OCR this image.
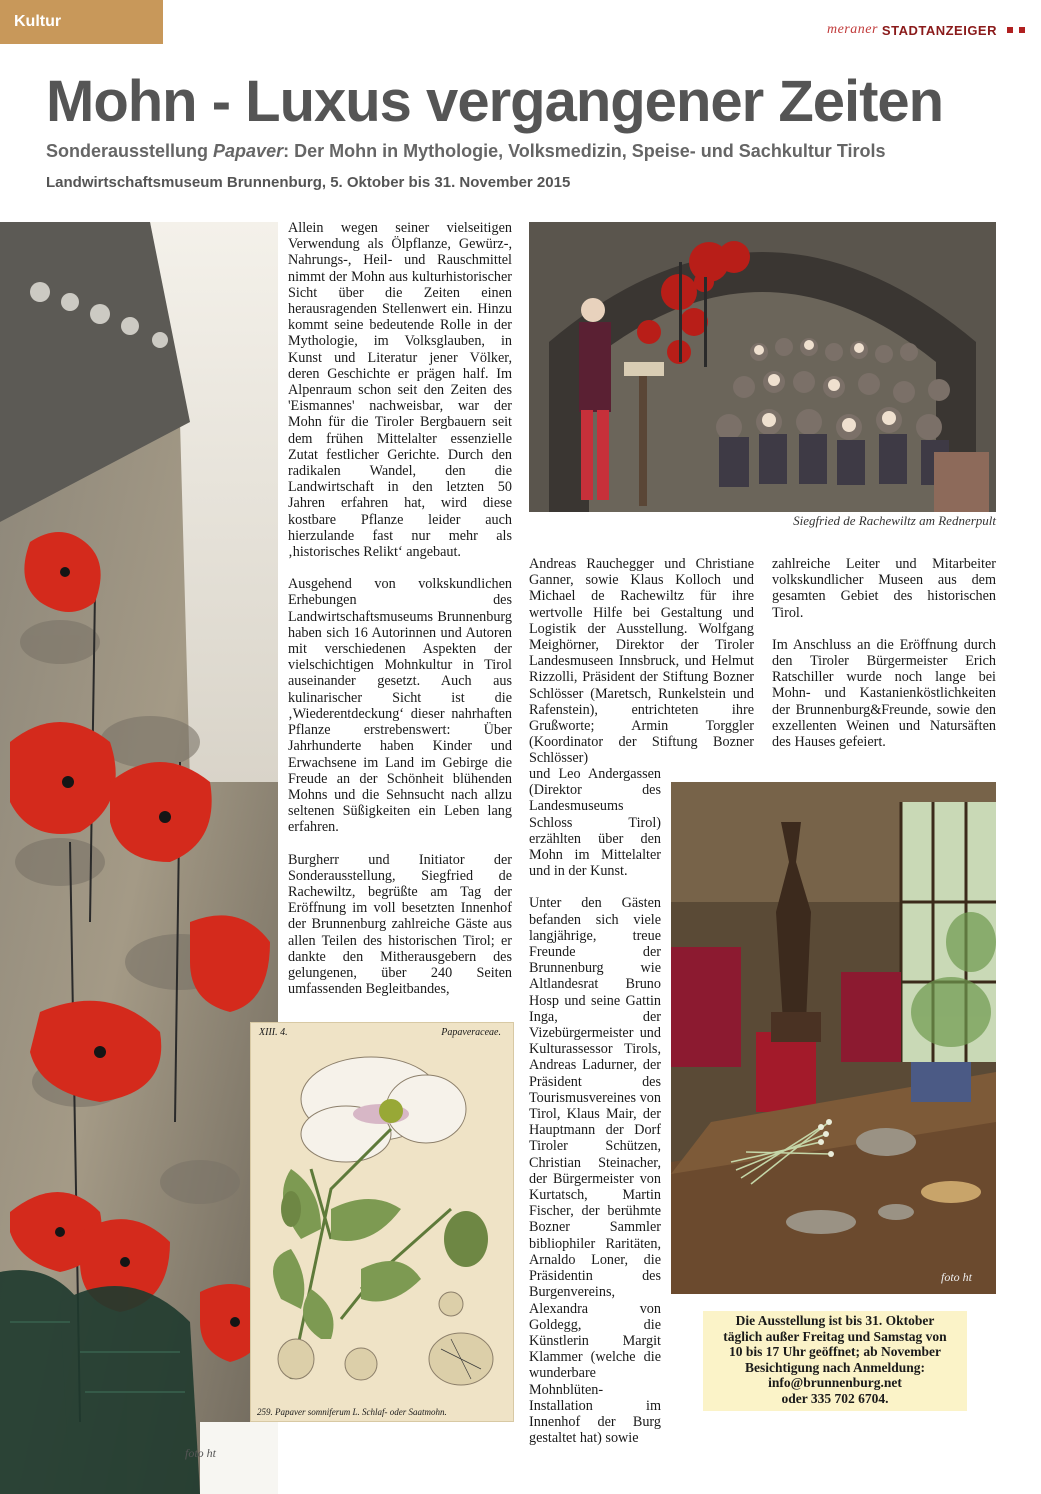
Kultur	meraner STADTANZEIGER
Mohn - Luxus vergangener Zeiten
Sonderausstellung Papaver: Der Mohn in Mythologie, Volksmedizin, Speise- und Sachkultur Tirols
Landwirtschaftsmuseum Brunnenburg, 5. Oktober bis 31. November 2015
foto ht

Allein wegen seiner vielseitigen Verwendung als Ölpflanze, Gewürz-, Nahrungs-, Heil- und Rauschmittel nimmt der Mohn aus kulturhistorischer Sicht über die Zeiten einen herausragenden Stellenwert ein. Hinzu kommt seine bedeutende Rolle in der Mythologie, im Volksglauben, in Kunst und Literatur jener Völker, deren Geschichte er prägen half. Im Alpenraum schon seit den Zeiten des 'Eismannes' nachweisbar, war der Mohn für die Tiroler Bergbauern seit dem frühen Mittelalter essenzielle Zutat festlicher Gerichte. Durch den radikalen Wandel, den die Landwirtschaft in den letzten 50 Jahren erfahren hat, wird diese kostbare Pflanze leider auch hierzulande fast nur mehr als ‚historisches Relikt‘ angebaut.

Ausgehend von volkskundlichen Erhebungen des Landwirtschaftsmuseums Brunnenburg haben sich 16 Autorinnen und Autoren mit verschiedenen Aspekten der vielschichtigen Mohnkultur in Tirol auseinander gesetzt. Auch aus kulinarischer Sicht ist die ‚Wiederentdeckung‘ dieser nahrhaften Pflanze erstrebenswert: Über Jahrhunderte haben Kinder und Erwachsene im Land im Gebirge die Freude an der Schönheit blühenden Mohns und die Sehnsucht nach allzu seltenen Süßigkeiten ein Leben lang erfahren.

Burgherr und Initiator der Sonderausstellung, Siegfried de Rachewiltz, begrüßte am Tag der Eröffnung im voll besetzten Innenhof der Brunnenburg zahlreiche Gäste aus allen Teilen des historischen Tirol; er dankte den Mitherausgebern des gelungenen, über 240 Seiten umfassenden Begleitbandes,

XIII. 4.	Papaveraceae.
259. Papaver somniferum L. Schlaf- oder Saatmohn.
Siegfried de Rachewiltz am Rednerpult

Andreas Rauchegger und Christiane Ganner, sowie Klaus Kolloch und Michael de Rachewiltz für ihre wertvolle Hilfe bei Gestaltung und Logistik der Ausstellung. Wolfgang Meighörner, Direktor der Tiroler Landesmuseen Innsbruck, und Helmut Rizzolli, Präsident der Stiftung Bozner Schlösser (Maretsch, Runkelstein und Rafenstein), entrichteten ihre Grußworte; Armin Torggler (Koordinator der Stiftung Bozner Schlösser)

und Leo Andergassen (Direktor des Landesmuseums Schloss Tirol) erzählten über den Mohn im Mittelalter und in der Kunst.

Unter den Gästen befanden sich viele langjährige, treue Freunde der Brunnenburg wie Altlandesrat Bruno Hosp und seine Gattin Inga, der Vizebürgermeister und Kulturassessor Tirols, Andreas Ladurner, der Präsident des Tourismusvereines von Tirol, Klaus Mair, der Hauptmann der Dorf Tiroler Schützen, Christian Steinacher, der Bürgermeister von Kurtatsch, Martin Fischer, der berühmte Bozner Sammler bibliophiler Raritäten, Arnaldo Loner, die Präsidentin des Burgenvereins, Alexandra von Goldegg, die Künstlerin Margit Klammer (welche die wunderbare Mohnblüten-Installation im Innenhof der Burg gestaltet hat) sowie

zahlreiche Leiter und Mitarbeiter volkskundlicher Museen aus dem gesamten Gebiet des historischen Tirol.

Im Anschluss an die Eröffnung durch den Tiroler Bürgermeister Erich Ratschiller wurde noch lange bei Mohn- und Kastanienköstlichkeiten der Brunnenburg&Freunde, sowie den exzellenten Weinen und Natursäften des Hauses gefeiert.

foto ht
Die Ausstellung ist bis 31. Oktober
täglich außer Freitag und Samstag von
10 bis 17 Uhr geöffnet; ab November
Besichtigung nach Anmeldung:
info@brunnenburg.net
oder 335 702 6704.
